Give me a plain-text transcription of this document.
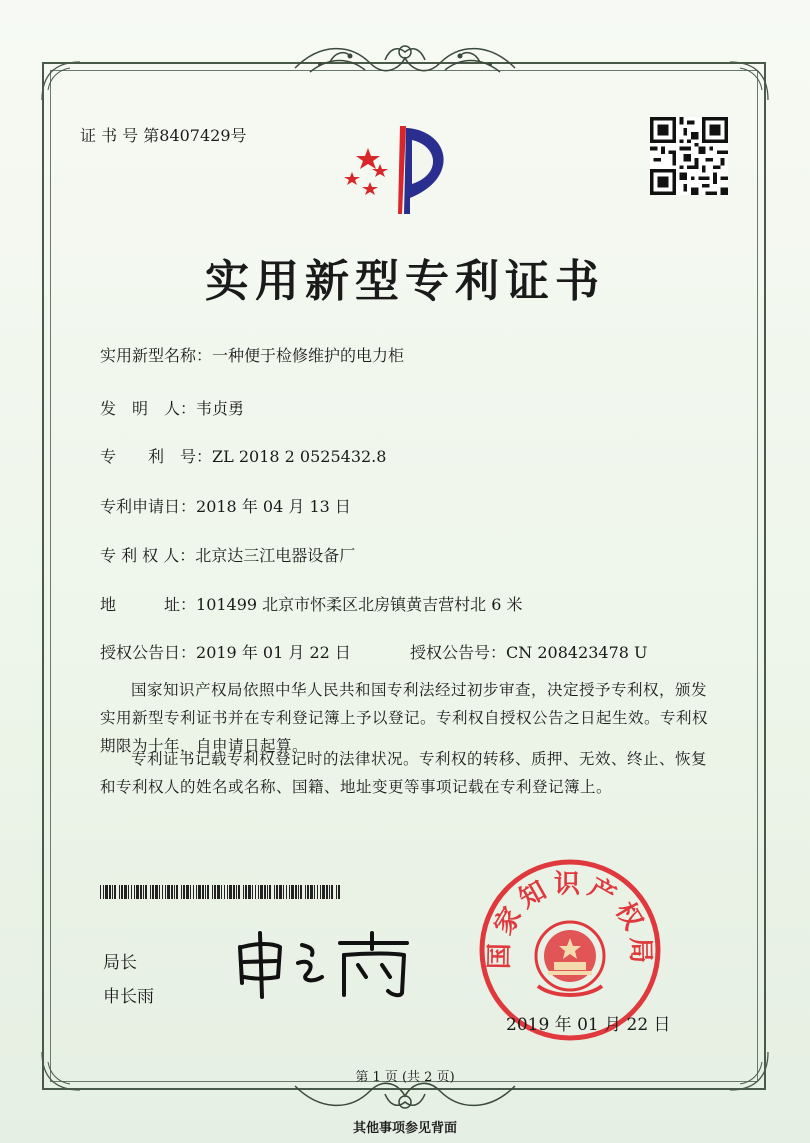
证 书 号 第8407429号
实用新型专利证书
实用新型名称：一种便于检修维护的电力柜
发　明　人：韦贞勇
专　　利　号：ZL 2018 2 0525432.8
专利申请日：2018 年 04 月 13 日
专 利 权 人：北京达三江电器设备厂
地　　　址：101499 北京市怀柔区北房镇黄吉营村北 6 米
授权公告日：2019 年 01 月 22 日	授权公告号：CN 208423478 U
国家知识产权局依照中华人民共和国专利法经过初步审查，决定授予专利权，颁发实用新型专利证书并在专利登记簿上予以登记。专利权自授权公告之日起生效。专利权期限为十年，自申请日起算。
专利证书记载专利权登记时的法律状况。专利权的转移、质押、无效、终止、恢复和专利权人的姓名或名称、国籍、地址变更等事项记载在专利登记簿上。
局长
申长雨
国家知识产权局
2019 年 01 月 22 日
第 1 页 (共 2 页)
其他事项参见背面
